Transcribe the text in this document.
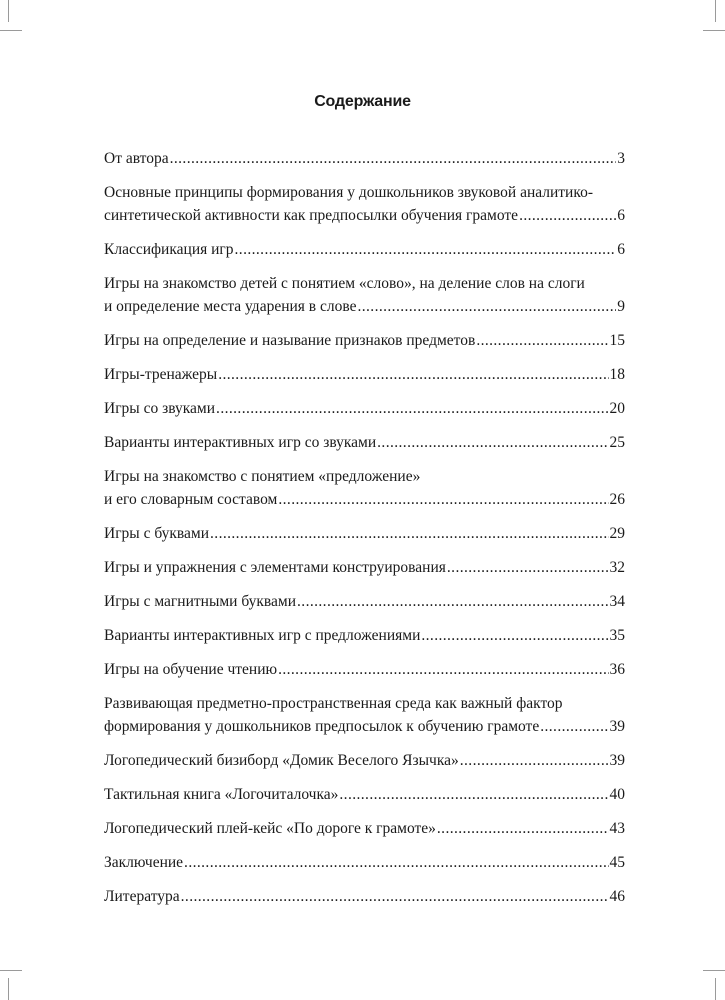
Содержание
От автора .....	3
Основные принципы формирования у дошкольников звуковой аналитико-
синтетической активности как предпосылки обучения грамоте .....	6
Классификация игр .....	6
Игры на знакомство детей с понятием «слово», на деление слов на слоги
и определение места ударения в слове .....	9
Игры на определение и называние признаков предметов .....	15
Игры-тренажеры .....	18
Игры со звуками .....	20
Варианты интерактивных игр со звуками .....	25
Игры на знакомство с понятием «предложение»
и его словарным составом .....	26
Игры с буквами .....	29
Игры и упражнения с элементами конструирования .....	32
Игры с магнитными буквами .....	34
Варианты интерактивных игр с предложениями .....	35
Игры на обучение чтению .....	36
Развивающая предметно-пространственная среда как важный фактор
формирования у дошкольников предпосылок к обучению грамоте .....	39
Логопедический бизиборд «Домик Веселого Язычка» .....	39
Тактильная книга «Логочиталочка» .....	40
Логопедический плей-кейс «По дороге к грамоте» .....	43
Заключение .....	45
Литература .....	46
